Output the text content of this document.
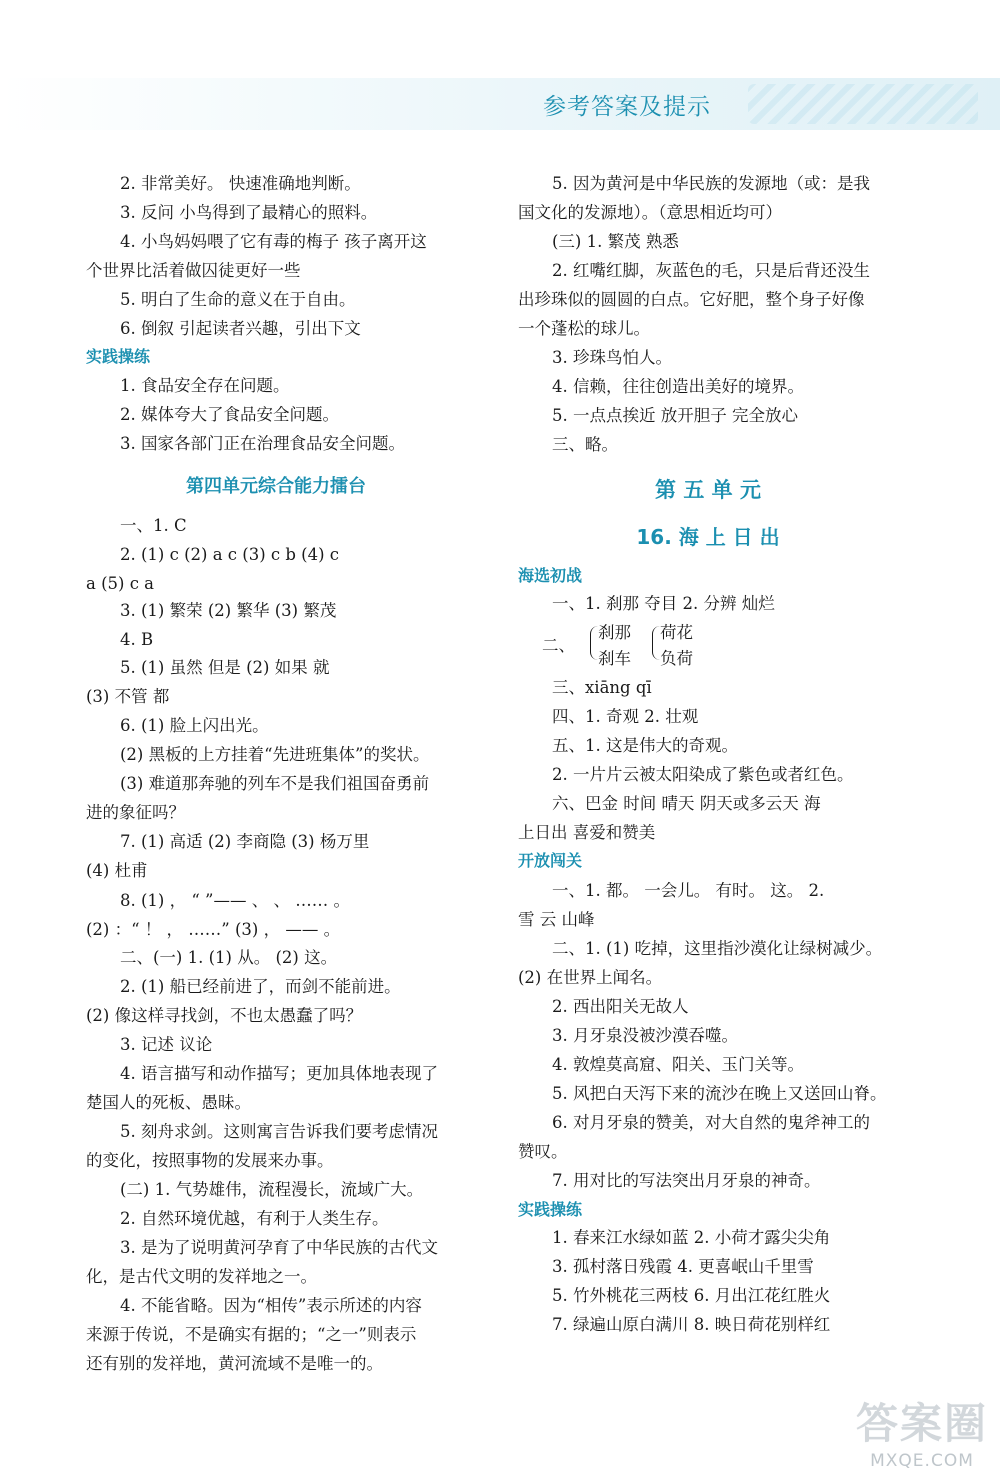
参考答案及提示
2. 非常美好。 快速准确地判断。
3. 反问 小鸟得到了最精心的照料。
4. 小鸟妈妈喂了它有毒的梅子 孩子离开这
个世界比活着做囚徒更好一些
5. 明白了生命的意义在于自由。
6. 倒叙 引起读者兴趣，引出下文
实践操练
1. 食品安全存在问题。
2. 媒体夸大了食品安全问题。
3. 国家各部门正在治理食品安全问题。
第四单元综合能力擂台
一、1. C
2. (1) c (2) a c (3) c b (4) c
a (5) c a
3. (1) 繁荣 (2) 繁华 (3) 繁茂
4. B
5. (1) 虽然 但是 (2) 如果 就
(3) 不管 都
6. (1) 脸上闪出光。
(2) 黑板的上方挂着“先进班集体”的奖状。
(3) 难道那奔驰的列车不是我们祖国奋勇前
进的象征吗？
7. (1) 高适 (2) 李商隐 (3) 杨万里
(4) 杜甫
8. (1) ， “ ”—— 、 、 …… 。
(2) ：“ ！ ， ……” (3) ， —— 。
二、(一) 1. (1) 从。 (2) 这。
2. (1) 船已经前进了，而剑不能前进。
(2) 像这样寻找剑，不也太愚蠢了吗？
3. 记述 议论
4. 语言描写和动作描写；更加具体地表现了
楚国人的死板、愚昧。
5. 刻舟求剑。这则寓言告诉我们要考虑情况
的变化，按照事物的发展来办事。
(二) 1. 气势雄伟，流程漫长，流域广大。
2. 自然环境优越，有利于人类生存。
3. 是为了说明黄河孕育了中华民族的古代文
化，是古代文明的发祥地之一。
4. 不能省略。因为“相传”表示所述的内容
来源于传说，不是确实有据的；“之一”则表示
还有别的发祥地，黄河流域不是唯一的。
5. 因为黄河是中华民族的发源地（或：是我
国文化的发源地）。（意思相近均可）
(三) 1. 繁茂 熟悉
2. 红嘴红脚，灰蓝色的毛，只是后背还没生
出珍珠似的圆圆的白点。它好肥，整个身子好像
一个蓬松的球儿。
3. 珍珠鸟怕人。
4. 信赖，往往创造出美好的境界。
5. 一点点挨近 放开胆子 完全放心
三、略。
第 五 单 元
16. 海 上 日 出
海选初战
一、1. 刹那 夺目 2. 分辨 灿烂
二、
刹那
刹车
荷花
负荷
三、xiāng qī
四、1. 奇观 2. 壮观
五、1. 这是伟大的奇观。
2. 一片片云被太阳染成了紫色或者红色。
六、巴金 时间 晴天 阴天或多云天 海
上日出 喜爱和赞美
开放闯关
一、1. 都。 一会儿。 有时。 这。 2.
雪 云 山峰
二、1. (1) 吃掉，这里指沙漠化让绿树减少。
(2) 在世界上闻名。
2. 西出阳关无故人
3. 月牙泉没被沙漠吞噬。
4. 敦煌莫高窟、阳关、玉门关等。
5. 风把白天泻下来的流沙在晚上又送回山脊。
6. 对月牙泉的赞美，对大自然的鬼斧神工的
赞叹。
7. 用对比的写法突出月牙泉的神奇。
实践操练
1. 春来江水绿如蓝 2. 小荷才露尖尖角
3. 孤村落日残霞 4. 更喜岷山千里雪
5. 竹外桃花三两枝 6. 月出江花红胜火
7. 绿遍山原白满川 8. 映日荷花别样红
答案圈
MXQE.COM
